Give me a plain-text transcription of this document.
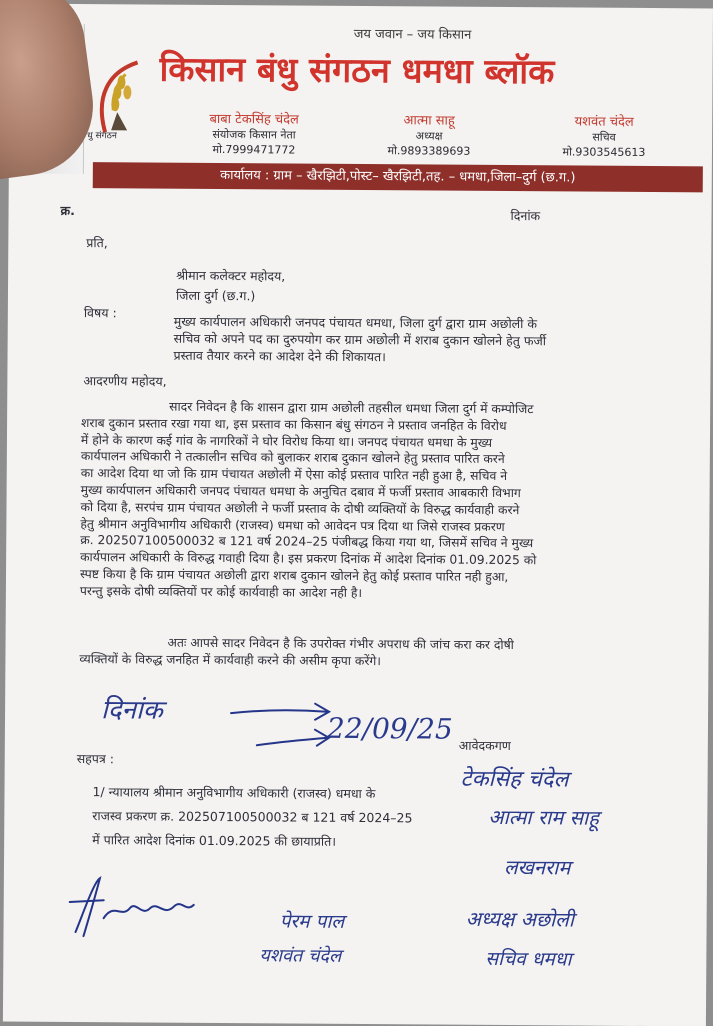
जय जवान – जय किसान
धु संगठन
किसान बंधु संगठन धमधा ब्लॉक
बाबा टेकसिंह चंदेल
संयोजक किसान नेता
मो.7999471772
आत्मा साहू
अध्यक्ष
मो.9893389693
यशवंत चंदेल
सचिव
मो.9303545613
कार्यालय : ग्राम – खैरझिटी,पोस्ट– खैरझिटी,तह. – धमधा,जिला–दुर्ग (छ.ग.)
क्र.	दिनांक
प्रति,
श्रीमान कलेक्टर महोदय,
जिला दुर्ग (छ.ग.)
विषय :
मुख्य कार्यपालन अधिकारी जनपद पंचायत धमधा, जिला दुर्ग द्वारा ग्राम अछोली के
सचिव को अपने पद का दुरुपयोग कर ग्राम अछोली में शराब दुकान खोलने हेतु फर्जी
प्रस्ताव तैयार करने का आदेश देने की शिकायत।
आदरणीय महोदय,
सादर निवेदन है कि शासन द्वारा ग्राम अछोली तहसील धमधा जिला दुर्ग में कम्पोजिट
शराब दुकान प्रस्ताव रखा गया था, इस प्रस्ताव का किसान बंधु संगठन ने प्रस्ताव जनहित के विरोध
में होने के कारण कई गांव के नागरिकों ने घोर विरोध किया था। जनपद पंचायत धमधा के मुख्य
कार्यपालन अधिकारी ने तत्कालीन सचिव को बुलाकर शराब दुकान खोलने हेतु प्रस्ताव पारित करने
का आदेश दिया था जो कि ग्राम पंचायत अछोली में ऐसा कोई प्रस्ताव पारित नही हुआ है, सचिव ने
मुख्य कार्यपालन अधिकारी जनपद पंचायत धमधा के अनुचित दबाव में फर्जी प्रस्ताव आबकारी विभाग
को दिया है, सरपंच ग्राम पंचायत अछोली ने फर्जी प्रस्ताव के दोषी व्यक्तियों के विरुद्ध कार्यवाही करने
हेतु श्रीमान अनुविभागीय अधिकारी (राजस्व) धमधा को आवेदन पत्र दिया था जिसे राजस्व प्रकरण
क्र. 202507100500032 ब 121 वर्ष 2024–25 पंजीबद्ध किया गया था, जिसमें सचिव ने मुख्य
कार्यपालन अधिकारी के विरुद्ध गवाही दिया है। इस प्रकरण दिनांक में आदेश दिनांक 01.09.2025 को
स्पष्ट किया है कि ग्राम पंचायत अछोली द्वारा शराब दुकान खोलने हेतु कोई प्रस्ताव पारित नही हुआ,
परन्तु इसके दोषी व्यक्तियों पर कोई कार्यवाही का आदेश नही है।
अतः आपसे सादर निवेदन है कि उपरोक्त गंभीर अपराध की जांच करा कर दोषी
व्यक्तियों के विरुद्ध जनहित में कार्यवाही करने की असीम कृपा करेंगे।
दिनांक
22/09/25 आवेदकगण
सहपत्र :
1/ न्यायालय श्रीमान अनुविभागीय अधिकारी (राजस्व) धमधा के
राजस्व प्रकरण क्र. 202507100500032 ब 121 वर्ष 2024–25
में पारित आदेश दिनांक 01.09.2025 की छायाप्रति।
टेकसिंह चंदेल
आत्मा राम साहू
लखनराम
पेरम पाल	अध्यक्ष अछोली
यशवंत चंदेल	सचिव धमधा
